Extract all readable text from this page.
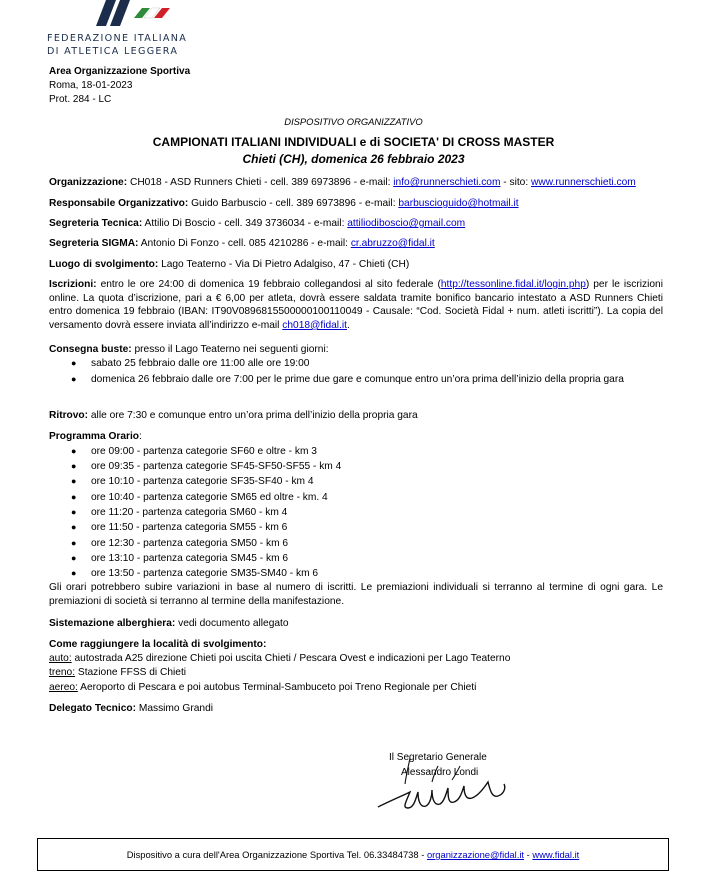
FEDERAZIONE ITALIANA
DI ATLETICA LEGGERA
Area Organizzazione Sportiva
Roma, 18-01-2023
Prot. 284 - LC
DISPOSITIVO ORGANIZZATIVO
CAMPIONATI ITALIANI INDIVIDUALI e di SOCIETA' DI CROSS MASTER
Chieti (CH), domenica 26 febbraio 2023
Organizzazione: CH018 - ASD Runners Chieti - cell. 389 6973896 - e-mail: info@runnerschieti.com - sito: www.runnerschieti.com
Responsabile Organizzativo: Guido Barbuscio - cell. 389 6973896 - e-mail: barbuscioguido@hotmail.it
Segreteria Tecnica: Attilio Di Boscio - cell. 349 3736034 - e-mail: attiliodiboscio@gmail.com
Segreteria SIGMA: Antonio Di Fonzo - cell. 085 4210286 - e-mail: cr.abruzzo@fidal.it
Luogo di svolgimento: Lago Teaterno - Via Di Pietro Adalgiso, 47 - Chieti (CH)
Iscrizioni: entro le ore 24:00 di domenica 19 febbraio collegandosi al sito federale (http://tessonline.fidal.it/login.php) per le iscrizioni online. La quota d’iscrizione, pari a € 6,00 per atleta, dovrà essere saldata tramite bonifico bancario intestato a ASD Runners Chieti entro domenica 19 febbraio (IBAN: IT90V0896815500000100110049 - Causale: “Cod. Società Fidal + num. atleti iscritti”). La copia del versamento dovrà essere inviata all’indirizzo e-mail ch018@fidal.it.
Consegna buste: presso il Lago Teaterno nei seguenti giorni:
● sabato 25 febbraio dalle ore 11:00 alle ore 19:00
● domenica 26 febbraio dalle ore 7:00 per le prime due gare e comunque entro un’ora prima dell’inizio della propria gara
Ritrovo: alle ore 7:30 e comunque entro un’ora prima dell’inizio della propria gara
Programma Orario:
● ore 09:00 - partenza categorie SF60 e oltre - km 3
● ore 09:35 - partenza categorie SF45-SF50-SF55 - km 4
● ore 10:10 - partenza categorie SF35-SF40 - km 4
● ore 10:40 - partenza categorie SM65 ed oltre - km. 4
● ore 11:20 - partenza categoria SM60 - km 4
● ore 11:50 - partenza categoria SM55 - km 6
● ore 12:30 - partenza categoria SM50 - km 6
● ore 13:10 - partenza categoria SM45 - km 6
● ore 13:50 - partenza categorie SM35-SM40 - km 6
Gli orari potrebbero subire variazioni in base al numero di iscritti. Le premiazioni individuali si terranno al termine di ogni gara. Le premiazioni di società si terranno al termine della manifestazione.
Sistemazione alberghiera: vedi documento allegato
Come raggiungere la località di svolgimento:
auto: autostrada A25 direzione Chieti poi uscita Chieti / Pescara Ovest e indicazioni per Lago Teaterno
treno: Stazione FFSS di Chieti
aereo: Aeroporto di Pescara e poi autobus Terminal-Sambuceto poi Treno Regionale per Chieti
Delegato Tecnico: Massimo Grandi
Il Segretario Generale
Alessandro Londi
Dispositivo a cura dell'Area Organizzazione Sportiva Tel. 06.33484738 - organizzazione@fidal.it - www.fidal.it
